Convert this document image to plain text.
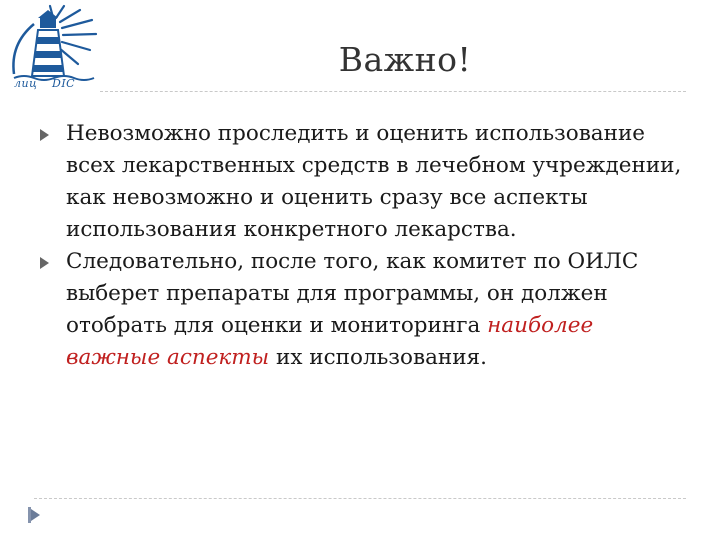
лиц DIC
Важно!

Невозможно проследить и оценить использование всех лекарственных средств в лечебном учреждении, как невозможно и оценить сразу все аспекты использования конкретного лекарства.

Следовательно, после того, как комитет по ОИЛС выберет препараты для программы, он должен отобрать для оценки и мониторинга наиболее важные аспекты их использования.
